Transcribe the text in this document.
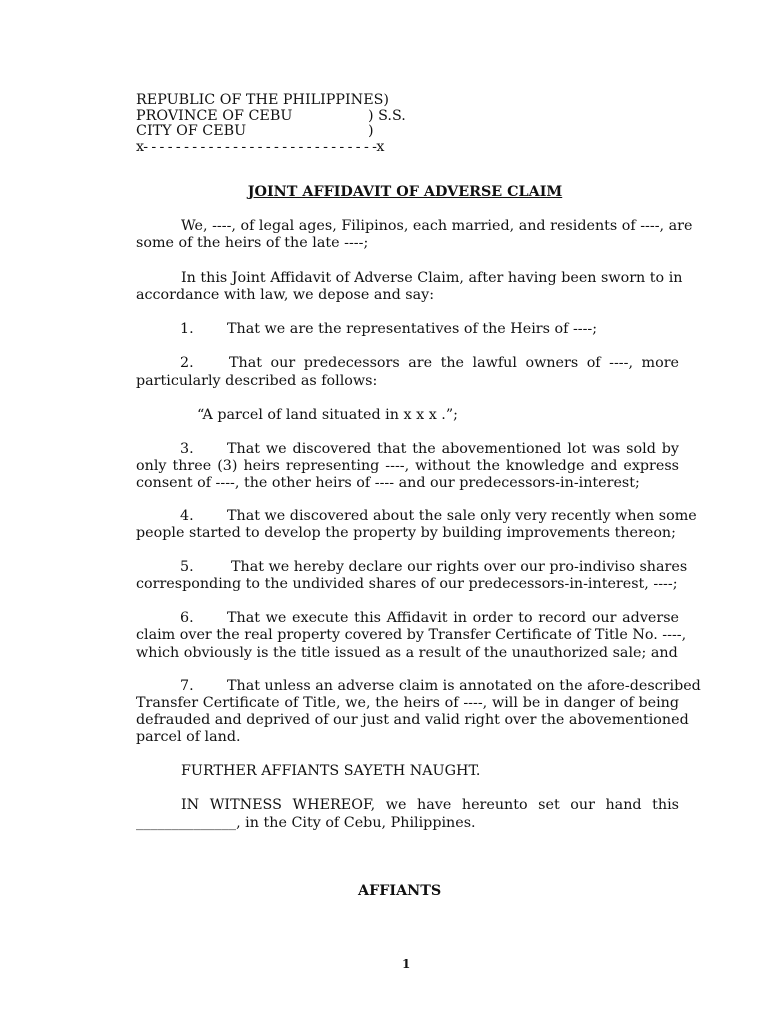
REPUBLIC OF THE PHILIPPINES)
PROVINCE OF CEBU	) S.S.
CITY OF CEBU	)
x- - - - - - - - - - - - - - - - - - - - - - - - - - - - -x
JOINT AFFIDAVIT OF ADVERSE CLAIM
We, ----, of legal ages, Filipinos, each married, and residents of ----, are
some of the heirs of the late ----;
In this Joint Affidavit of Adverse Claim, after having been sworn to in
accordance with law, we depose and say:
1. That we are the representatives of the Heirs of ----;
2. That our predecessors are the lawful owners of ----, more
particularly described as follows:
“A parcel of land situated in x x x .”;
3. That we discovered that the abovementioned lot was sold by
only three (3) heirs representing ----, without the knowledge and express
consent of ----, the other heirs of ---- and our predecessors-in-interest;
4. That we discovered about the sale only very recently when some
people started to develop the property by building improvements thereon;
5.	That we hereby declare our rights over our pro-indiviso shares
corresponding to the undivided shares of our predecessors-in-interest, ----;
6. That we execute this Affidavit in order to record our adverse
claim over the real property covered by Transfer Certificate of Title No. ----,
which obviously is the title issued as a result of the unauthorized sale; and
7. That unless an adverse claim is annotated on the afore-described
Transfer Certificate of Title, we, the heirs of ----, will be in danger of being
defrauded and deprived of our just and valid right over the abovementioned
parcel of land.
FURTHER AFFIANTS SAYETH NAUGHT.
IN WITNESS WHEREOF, we have hereunto set our hand this
______________, in the City of Cebu, Philippines.
AFFIANTS
1
